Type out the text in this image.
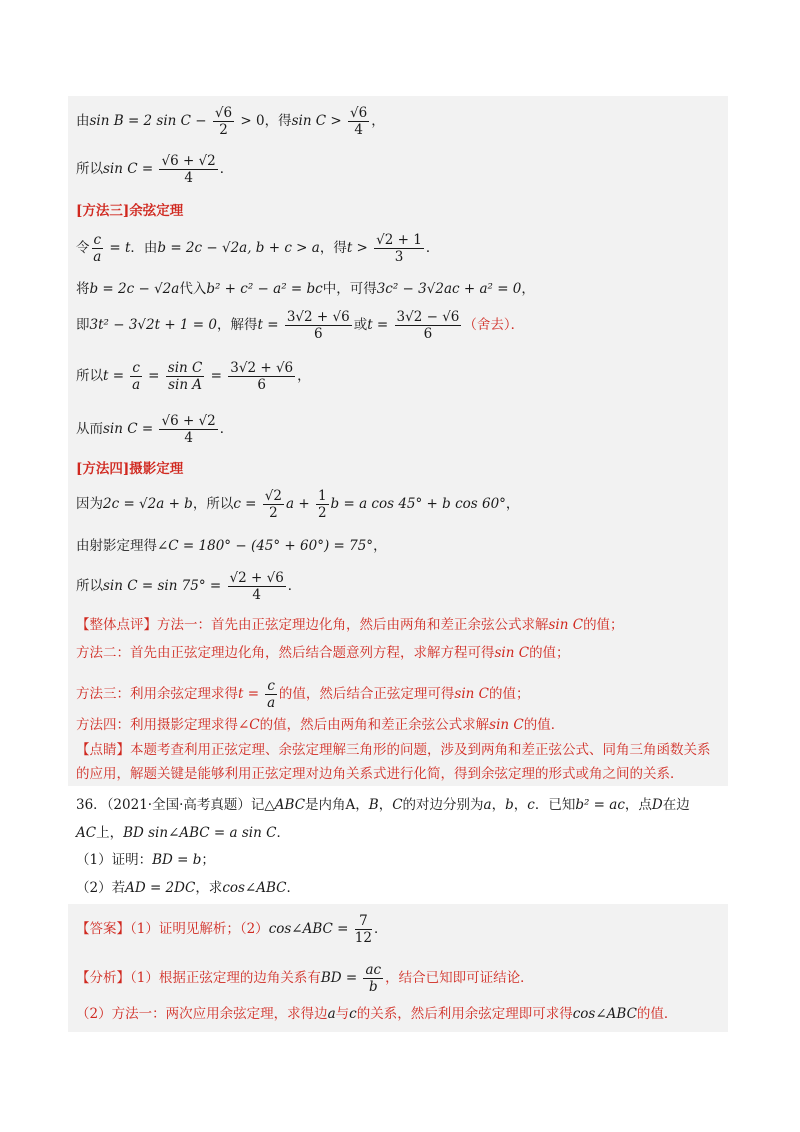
由sin B = 2 $\sin C - \frac{√6}{2} > 0$，得$\sin C > \frac{√6}{4}$ ，
所以$\sin C = \frac{√6 + √2}{4}$ ．
[方法三]余弦定理
令 $\frac{c}{a} = t$．由b = 2c − √2a, b + c > a，得$t > \frac{√2 + 1}{3}$ ．
将b = 2c − √2a代入b² + c² − a² = bc中，可得3c² − 3√2ac + a² = 0，
即3t² − 3√2t + 1 = 0，解得$t = \frac{3√2 + √6}{6}$ 或$t = \frac{3√2 - √6}{6}$ （舍去）．
所以$t = \frac{c}{a} = \frac{\text{sin C}}{\text{sin A}} = \frac{3√2 + √6}{6}$ ，
从而$\sin C = \frac{√6 + √2}{4}$ ．
[方法四]摄影定理
因为2c = √2a + b，所以$c = \frac{√2}{2}$ $a + \frac{1}{2}$ b = a cos 45° + b cos 60°，
由射影定理得∠C = 180° − (45° + 60°) = 75°，
所以$\sin C = \sin 75^\circ = \frac{√2 + √6}{4}$ ．
【整体点评】方法一：首先由正弦定理边化角，然后由两角和差正余弦公式求解sin C的值；
方法二：首先由正弦定理边化角，然后结合题意列方程，求解方程可得sin C的值；
方法三：利用余弦定理求得$t = \frac{c}{a}$ 的值，然后结合正弦定理可得sin C的值；
方法四：利用摄影定理求得∠C的值，然后由两角和差正余弦公式求解sin C的值．
【点睛】本题考查利用正弦定理、余弦定理解三角形的问题，涉及到两角和差正弦公式、同角三角函数关系的应用，解题关键是能够利用正弦定理对边角关系式进行化简，得到余弦定理的形式或角之间的关系．
36．（2021·全国·高考真题）记△ABC是内角A，B，C的对边分别为a，b，c．已知b² = ac，点D在边
AC上，BD sin∠ABC = a sin C．
（1）证明：BD = b；
（2）若AD = 2DC，求cos∠ABC．
【答案】（1）证明见解析；（2）cos∠ABC = $\frac{7}{12}$ ．
【分析】（1）根据正弦定理的边角关系有BD = $\frac{ac}{b}$ ，结合已知即可证结论．
（2）方法一：两次应用余弦定理，求得边a与c的关系，然后利用余弦定理即可求得cos∠ABC的值．
